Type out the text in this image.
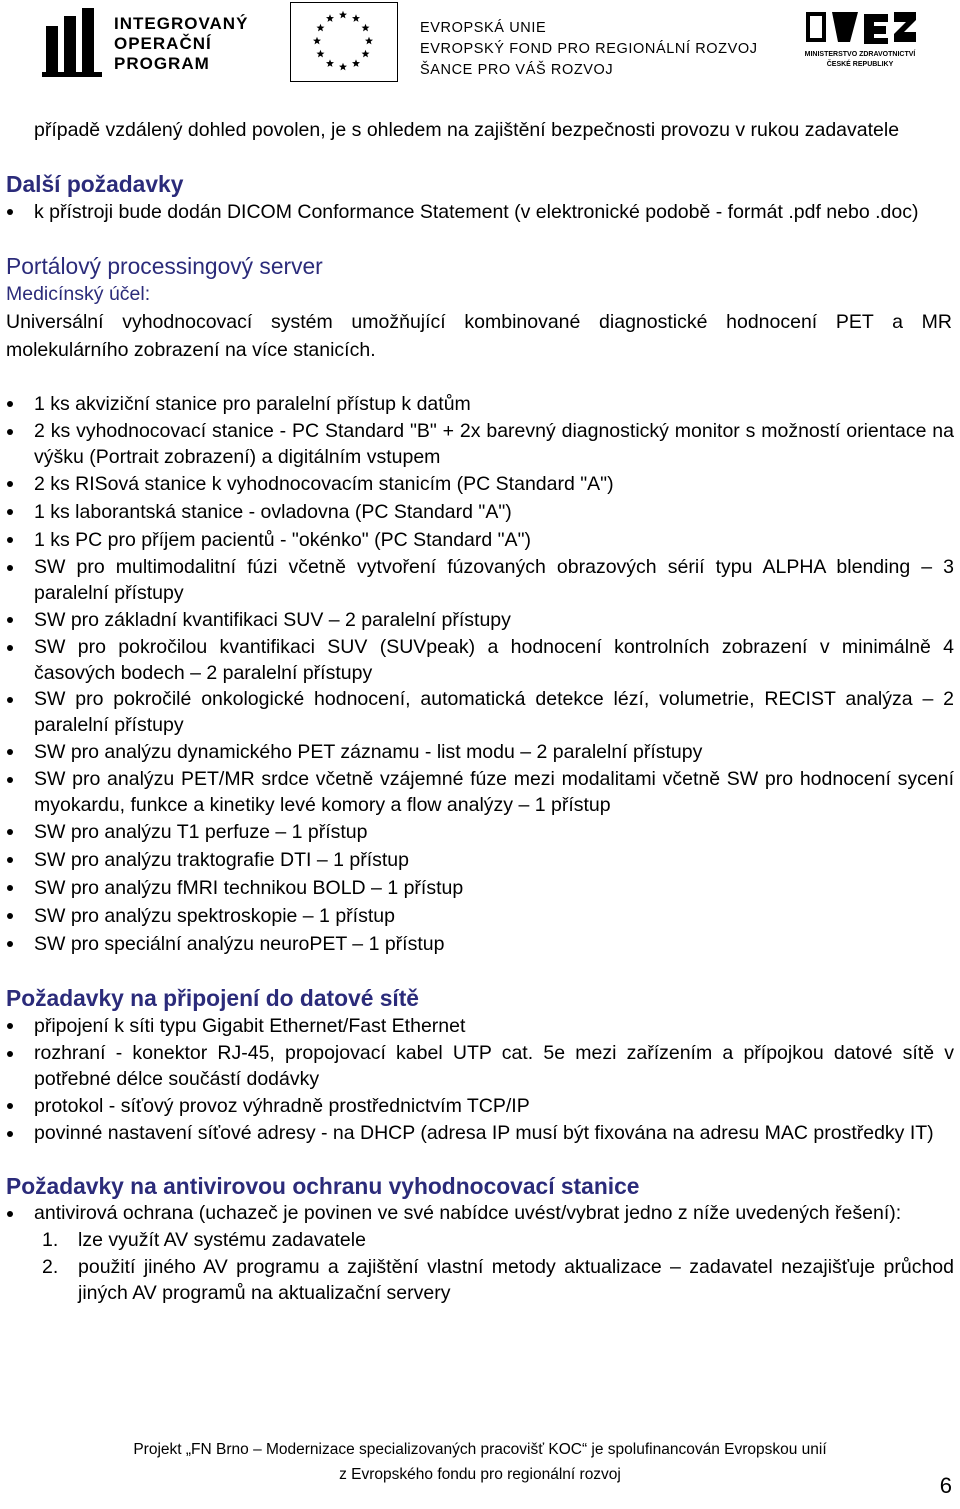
INTEGROVANÝ
OPERAČNÍ
PROGRAM
EVROPSKÁ UNIE
EVROPSKÝ FOND PRO REGIONÁLNÍ ROZVOJ
ŠANCE PRO VÁŠ ROZVOJ
MINISTERSTVO ZDRAVOTNICTVÍ
ČESKÉ REPUBLIKY

případě vzdálený dohled povolen, je s ohledem na zajištění bezpečnosti provozu v rukou zadavatele

Další požadavky
k přístroji bude dodán DICOM Conformance Statement (v elektronické podobě - formát .pdf nebo .doc)
Portálový processingový server

Medicínský účel:

Universální vyhodnocovací systém umožňující kombinované diagnostické hodnocení PET a MR molekulárního zobrazení na více stanicích.

1 ks akviziční stanice pro paralelní přístup k datům
2 ks vyhodnocovací stanice - PC Standard "B" + 2x barevný diagnostický monitor s možností orientace na výšku (Portrait zobrazení) a digitálním vstupem
2 ks RISová stanice k vyhodnocovacím stanicím (PC Standard "A")
1 ks laborantská stanice - ovladovna (PC Standard "A")
1 ks PC pro příjem pacientů - "okénko" (PC Standard "A")
SW pro multimodalitní fúzi včetně vytvoření fúzovaných obrazových sérií typu ALPHA blending – 3 paralelní přístupy
SW pro základní kvantifikaci SUV – 2 paralelní přístupy
SW pro pokročilou kvantifikaci SUV (SUVpeak) a hodnocení kontrolních zobrazení v minimálně 4 časových bodech – 2 paralelní přístupy
SW pro pokročilé onkologické hodnocení, automatická detekce lézí, volumetrie, RECIST analýza – 2 paralelní přístupy
SW pro analýzu dynamického PET záznamu - list modu – 2 paralelní přístupy
SW pro analýzu PET/MR srdce včetně vzájemné fúze mezi modalitami včetně SW pro hodnocení sycení myokardu, funkce a kinetiky levé komory a flow analýzy – 1 přístup
SW pro analýzu T1 perfuze – 1 přístup
SW pro analýzu traktografie DTI – 1 přístup
SW pro analýzu fMRI technikou BOLD – 1 přístup
SW pro analýzu spektroskopie – 1 přístup
SW pro speciální analýzu neuroPET – 1 přístup
Požadavky na připojení do datové sítě
připojení k síti typu Gigabit Ethernet/Fast Ethernet
rozhraní - konektor RJ-45, propojovací kabel UTP cat. 5e mezi zařízením a přípojkou datové sítě v potřebné délce součástí dodávky
protokol - síťový provoz výhradně prostřednictvím TCP/IP
povinné nastavení síťové adresy - na DHCP (adresa IP musí být fixována na adresu MAC prostředky IT)
Požadavky na antivirovou ochranu vyhodnocovací stanice
antivirová ochrana (uchazeč je povinen ve své nabídce uvést/vybrat jedno z níže uvedených řešení):
1. lze využít AV systému zadavatele
2. použití jiného AV programu a zajištění vlastní metody aktualizace – zadavatel nezajišťuje průchod jiných AV programů na aktualizační servery
Projekt „FN Brno – Modernizace specializovaných pracovišť KOC“ je spolufinancován Evropskou unií
z Evropského fondu pro regionální rozvoj	6
